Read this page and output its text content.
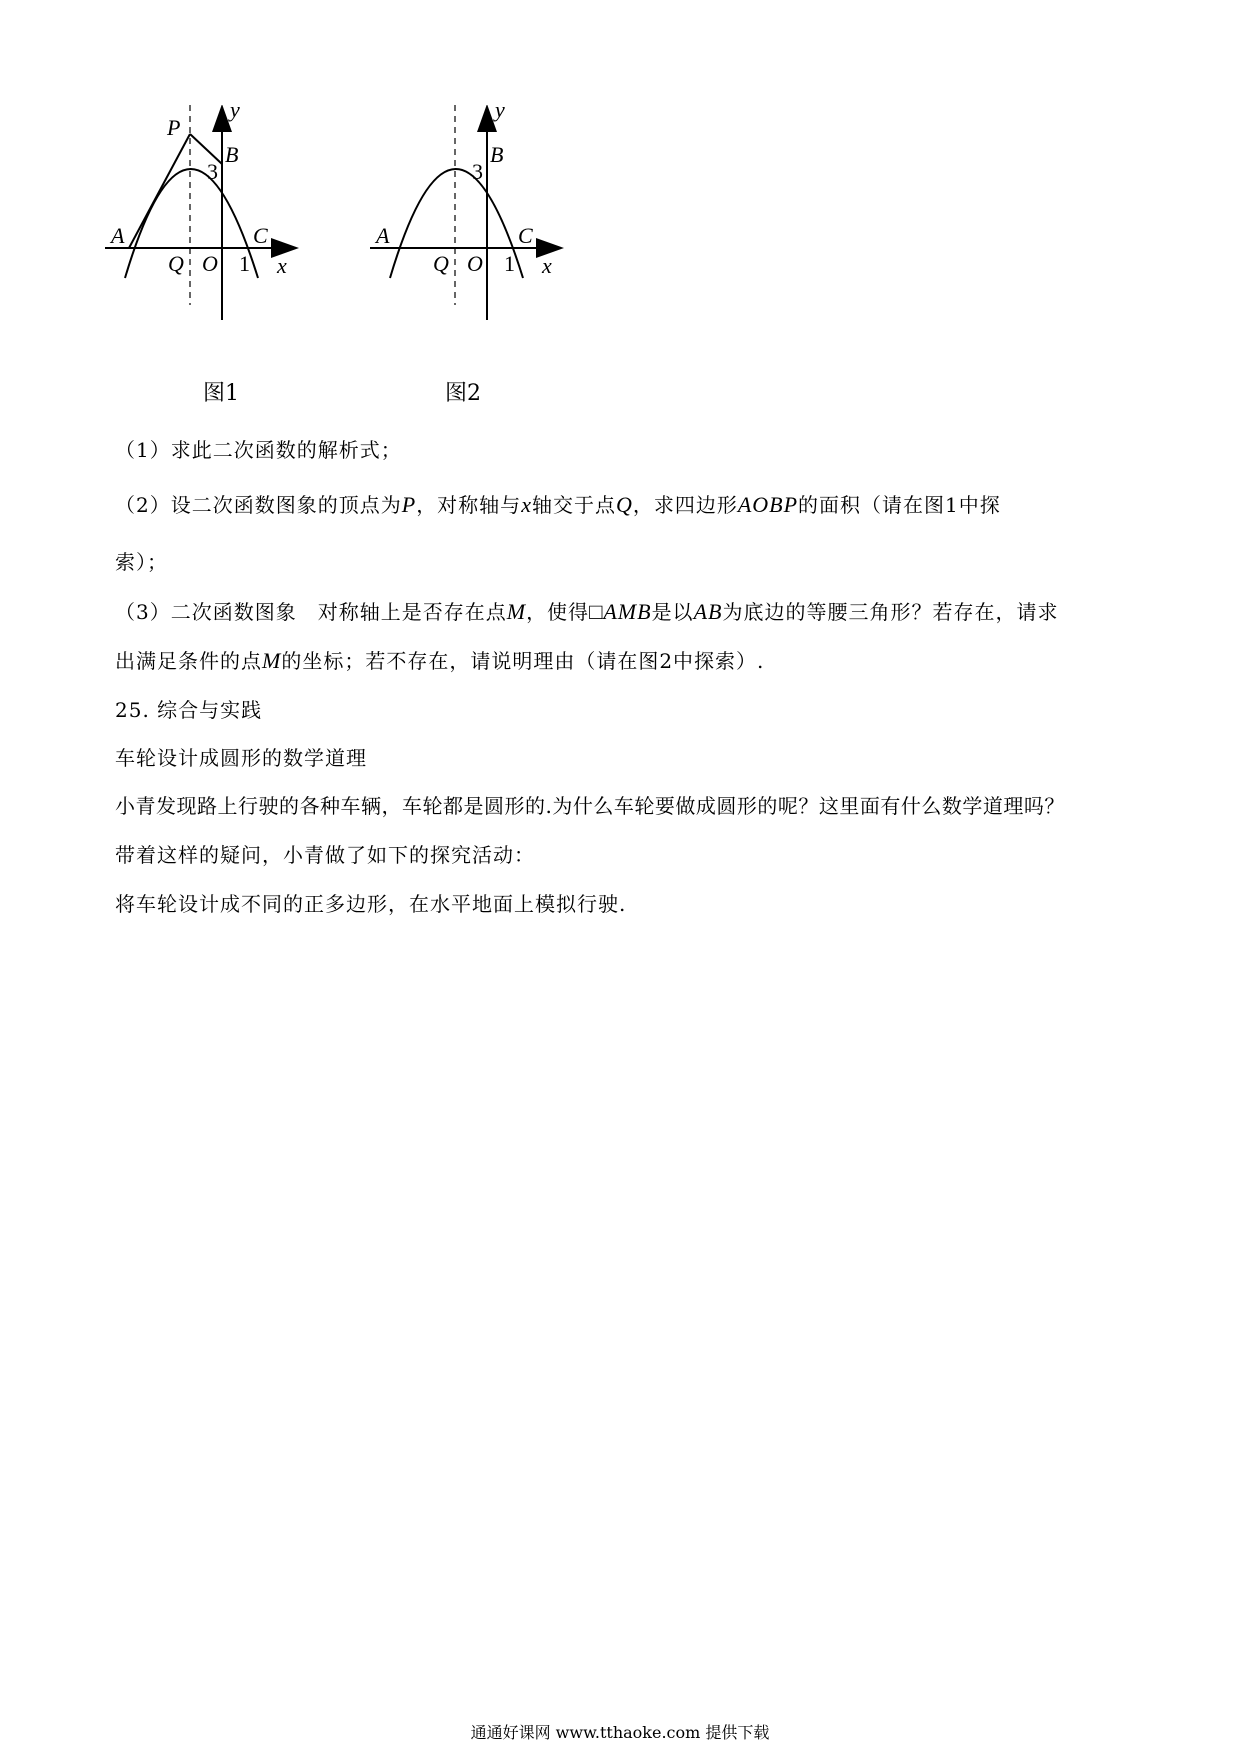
P
y
B
3
A	C
Q O 1 x
图1
y
B
3
A	C
Q O 1 x
图2
（1）求此二次函数的解析式；
（2）设二次函数图象的顶点为P，对称轴与x轴交于点Q，求四边形AOBP的面积（请在图1中探
索）；
（3）二次函数图象　对称轴上是否存在点M，使得□AMB是以AB为底边的等腰三角形？若存在，请求
出满足条件的点M的坐标；若不存在，请说明理由（请在图2中探索）.
25. 综合与实践
车轮设计成圆形的数学道理
小青发现路上行驶的各种车辆，车轮都是圆形的.为什么车轮要做成圆形的呢？这里面有什么数学道理吗？
带着这样的疑问，小青做了如下的探究活动：
将车轮设计成不同的正多边形，在水平地面上模拟行驶.
通通好课网 www.tthaoke.com 提供下载
